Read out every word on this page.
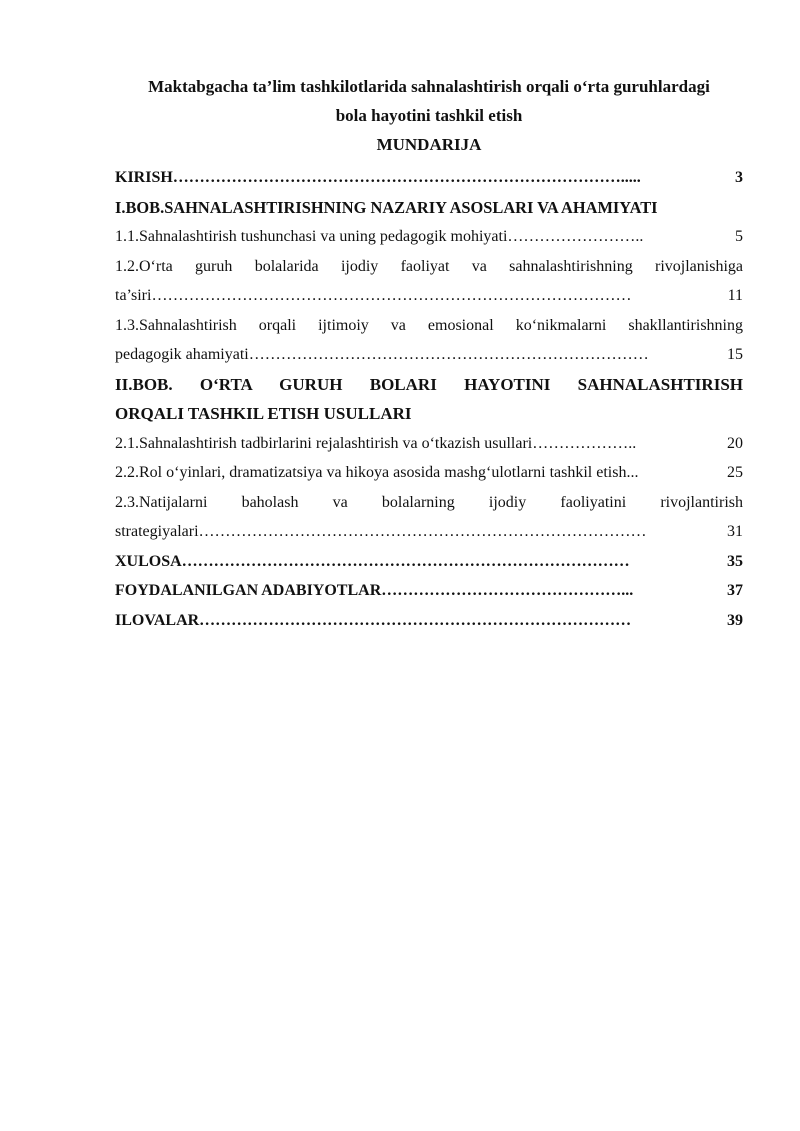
Maktabgacha ta’lim tashkilotlarida sahnalashtirish orqali o‘rta guruhlardagi

bola hayotini tashkil etish

MUNDARIJA

KIRISH………………………………………………………………………….....	3
I.BOB.SAHNALASHTIRISHNING NAZARIY ASOSLARI VA AHAMIYATI
1.1.Sahnalashtirish tushunchasi va uning pedagogik mohiyati……………………..	5
1.2.O‘rta guruh bolalarida ijodiy faoliyat va sahnalashtirishning rivojlanishiga
ta’siri………………………………………………………………………………	11
1.3.Sahnalashtirish orqali ijtimoiy va emosional ko‘nikmalarni shakllantirishning
pedagogik ahamiyati…………………………………………………………………	15
II.BOB. O‘RTA GURUH BOLARI HAYOTINI SAHNALASHTIRISH
ORQALI TASHKIL ETISH USULLARI
2.1.Sahnalashtirish tadbirlarini rejalashtirish va o‘tkazish usullari………………..	20
2.2.Rol o‘yinlari, dramatizatsiya va hikoya asosida mashg‘ulotlarni tashkil etish...	25
2.3.Natijalarni baholash va bolalarning ijodiy faoliyatini rivojlantirish
strategiyalari…………………………………………………………………………	31
XULOSA…………………………………………………………………………	35
FOYDALANILGAN ADABIYOTLAR………………………………………...	37
ILOVALAR………………………………………………………………………	39
